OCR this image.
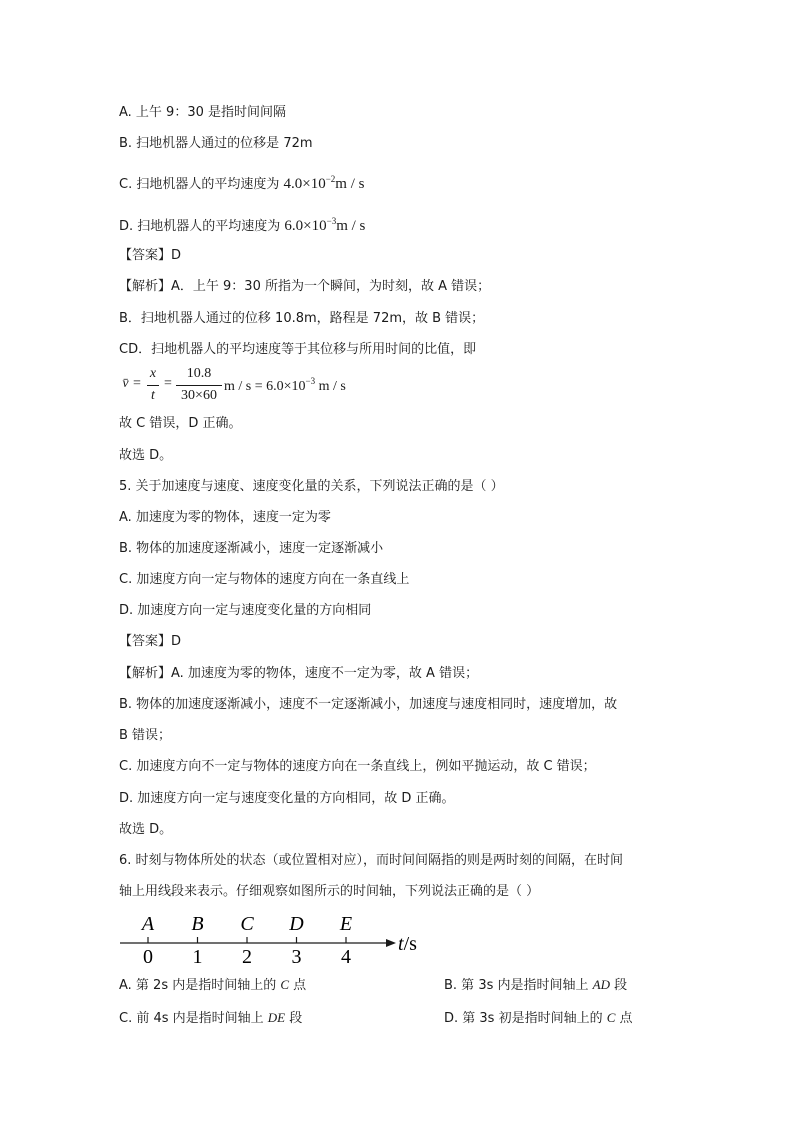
A. 上午 9：30 是指时间间隔
B. 扫地机器人通过的位移是 72m
C. 扫地机器人的平均速度为 $4.0\times 10^{-2}m / s$
D. 扫地机器人的平均速度为 $6.0\times 10^{-3}m / s$
【答案】D
【解析】A．上午 9：30 所指为一个瞬间，为时刻，故 A 错误；
B．扫地机器人通过的位移 10.8m，路程是 72m，故 B 错误；
CD．扫地机器人的平均速度等于其位移与所用时间的比值，即
v̄ =
x
t
=
10.8
30×60
$m / s = 6.0\times 10^{-3}$ m / s
故 C 错误，D 正确。
故选 D。
5. 关于加速度与速度、速度变化量的关系，下列说法正确的是（ ）
A. 加速度为零的物体，速度一定为零
B. 物体的加速度逐渐减小，速度一定逐渐减小
C. 加速度方向一定与物体的速度方向在一条直线上
D. 加速度方向一定与速度变化量的方向相同
【答案】D
【解析】A. 加速度为零的物体，速度不一定为零，故 A 错误；
B. 物体的加速度逐渐减小，速度不一定逐渐减小，加速度与速度相同时，速度增加，故
B 错误；
C. 加速度方向不一定与物体的速度方向在一条直线上，例如平抛运动，故 C 错误；
D. 加速度方向一定与速度变化量的方向相同，故 D 正确。
故选 D。
6. 时刻与物体所处的状态（或位置相对应），而时间间隔指的则是两时刻的间隔，在时间
轴上用线段来表示。仔细观察如图所示的时间轴，下列说法正确的是（ ）
A B C D E
0 1 2 3 4
t/s
A. 第 2s 内是指时间轴上的 C 点	B. 第 3s 内是指时间轴上 AD 段
C. 前 4s 内是指时间轴上 DE 段	D. 第 3s 初是指时间轴上的 C 点
